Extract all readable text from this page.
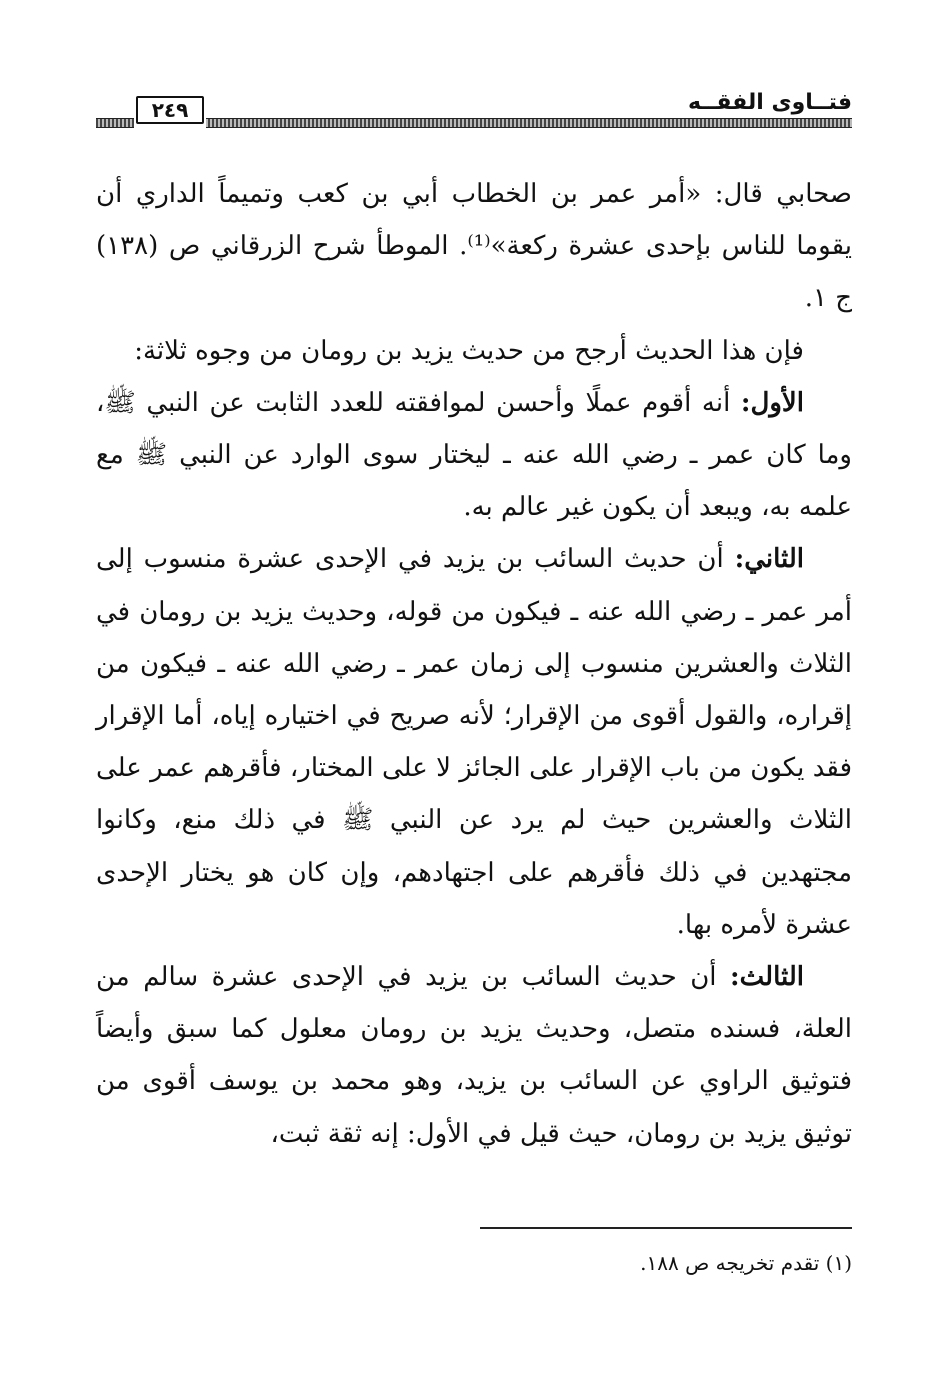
فتــاوى الفقــه
٢٤٩

صحابي قال: «أمر عمر بن الخطاب أبي بن كعب وتميماً الداري أن يقوما للناس بإحدى عشرة ركعة»⁽¹⁾. الموطأ شرح الزرقاني ص (١٣٨) ج ١.

فإن هذا الحديث أرجح من حديث يزيد بن رومان من وجوه ثلاثة:

الأول: أنه أقوم عملًا وأحسن لموافقته للعدد الثابت عن النبي ﷺ، وما كان عمر ـ رضي الله عنه ـ ليختار سوى الوارد عن النبي ﷺ مع علمه به، ويبعد أن يكون غير عالم به.

الثاني: أن حديث السائب بن يزيد في الإحدى عشرة منسوب إلى أمر عمر ـ رضي الله عنه ـ فيكون من قوله، وحديث يزيد بن رومان في الثلاث والعشرين منسوب إلى زمان عمر ـ رضي الله عنه ـ فيكون من إقراره، والقول أقوى من الإقرار؛ لأنه صريح في اختياره إياه، أما الإقرار فقد يكون من باب الإقرار على الجائز لا على المختار، فأقرهم عمر على الثلاث والعشرين حيث لم يرد عن النبي ﷺ في ذلك منع، وكانوا مجتهدين في ذلك فأقرهم على اجتهادهم، وإن كان هو يختار الإحدى عشرة لأمره بها.

الثالث: أن حديث السائب بن يزيد في الإحدى عشرة سالم من العلة، فسنده متصل، وحديث يزيد بن رومان معلول كما سبق وأيضاً فتوثيق الراوي عن السائب بن يزيد، وهو محمد بن يوسف أقوى من توثيق يزيد بن رومان، حيث قيل في الأول: إنه ثقة ثبت،

(١) تقدم تخريجه ص ١٨٨.
